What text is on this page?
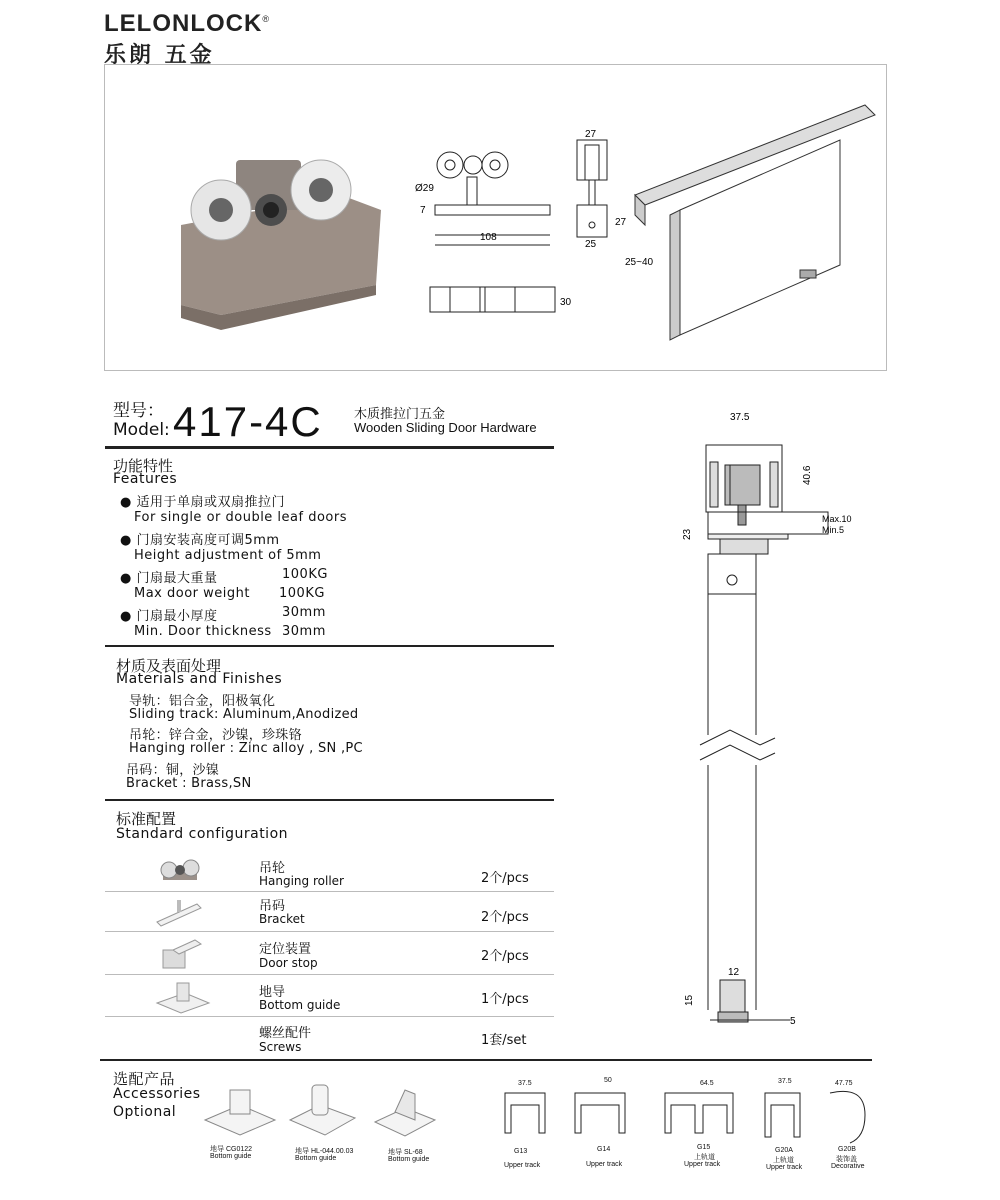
LELONLOCK®
乐朗 五金
Ø29
7
108
30
27
27
25
25~40
型号：
Model: 417-4C 木质推拉门五金
Wooden Sliding Door Hardware
功能特性
Features
● 适用于单扇或双扇推拉门
For single or double leaf doors
● 门扇安装高度可调5mm
Height adjustment of 5mm
● 门扇最大重量	100KG
Max door weight 100KG
● 门扇最小厚度	30mm
Min. Door thickness 30mm
材质及表面处理
Materials and Finishes
导轨：铝合金，阳极氧化
Sliding track: Aluminum,Anodized
吊轮：锌合金，沙镍，珍珠铬
Hanging roller : Zinc alloy , SN ,PC
吊码：铜，沙镍
Bracket : Brass,SN
标准配置
Standard configuration
吊轮
Hanging roller	2个/pcs
吊码
Bracket	2个/pcs
定位装置
Door stop	2个/pcs
地导
Bottom guide	1个/pcs
螺丝配件
Screws	1套/set
37.5
40.6
23
Max.10
Min.5
12
15
5
选配产品
Accessories
Optional
地导 CG0122
Bottom guide
地导 HL-044.00.03
Bottom guide
地导 SL-68
Bottom guide
37.5	50	64.5	37.5	47.75
G13
Upper track
G14
Upper track
G15
上轨道
Upper track
G20A
上轨道
Upper track
G20B
装饰盖
Decorative
